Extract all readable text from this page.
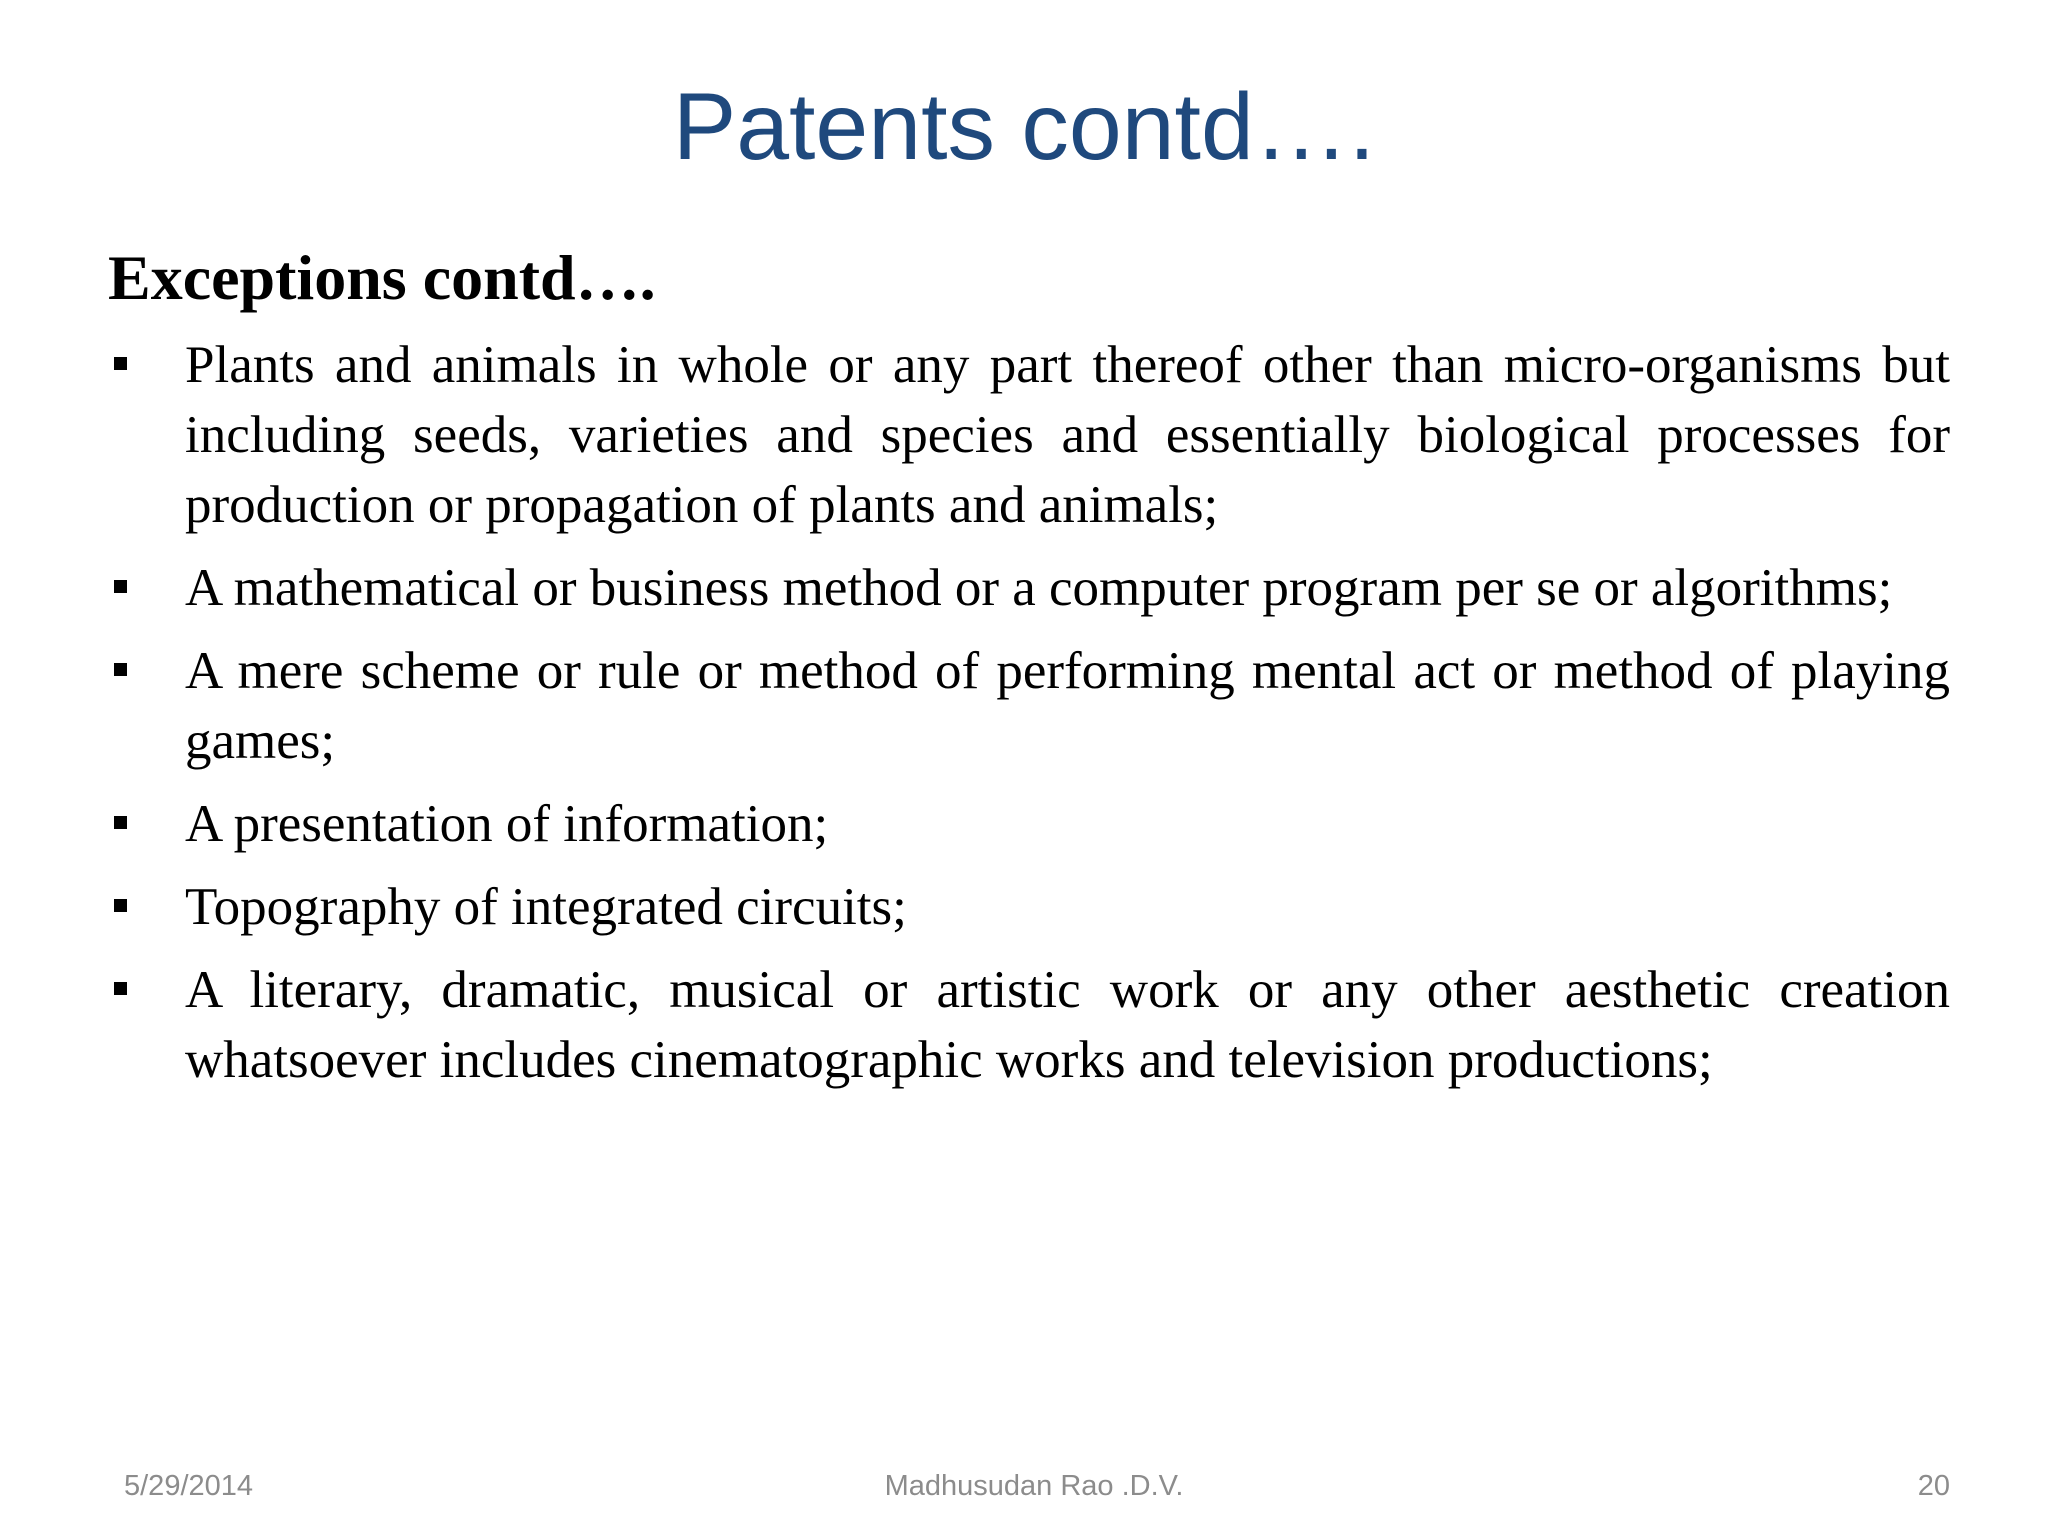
Patents contd….
Exceptions contd….
Plants and animals in whole or any part thereof other than micro-organisms but including seeds, varieties and species and essentially biological processes for production or propagation of plants and animals;
A mathematical or business method or a computer program per se or algorithms;
A mere scheme or rule or method of performing mental act or method of playing games;
A presentation of information;
Topography of integrated circuits;
A literary, dramatic, musical or artistic work or any other aesthetic creation whatsoever includes cinematographic works and television productions;
5/29/2014	Madhusudan Rao .D.V.	20
